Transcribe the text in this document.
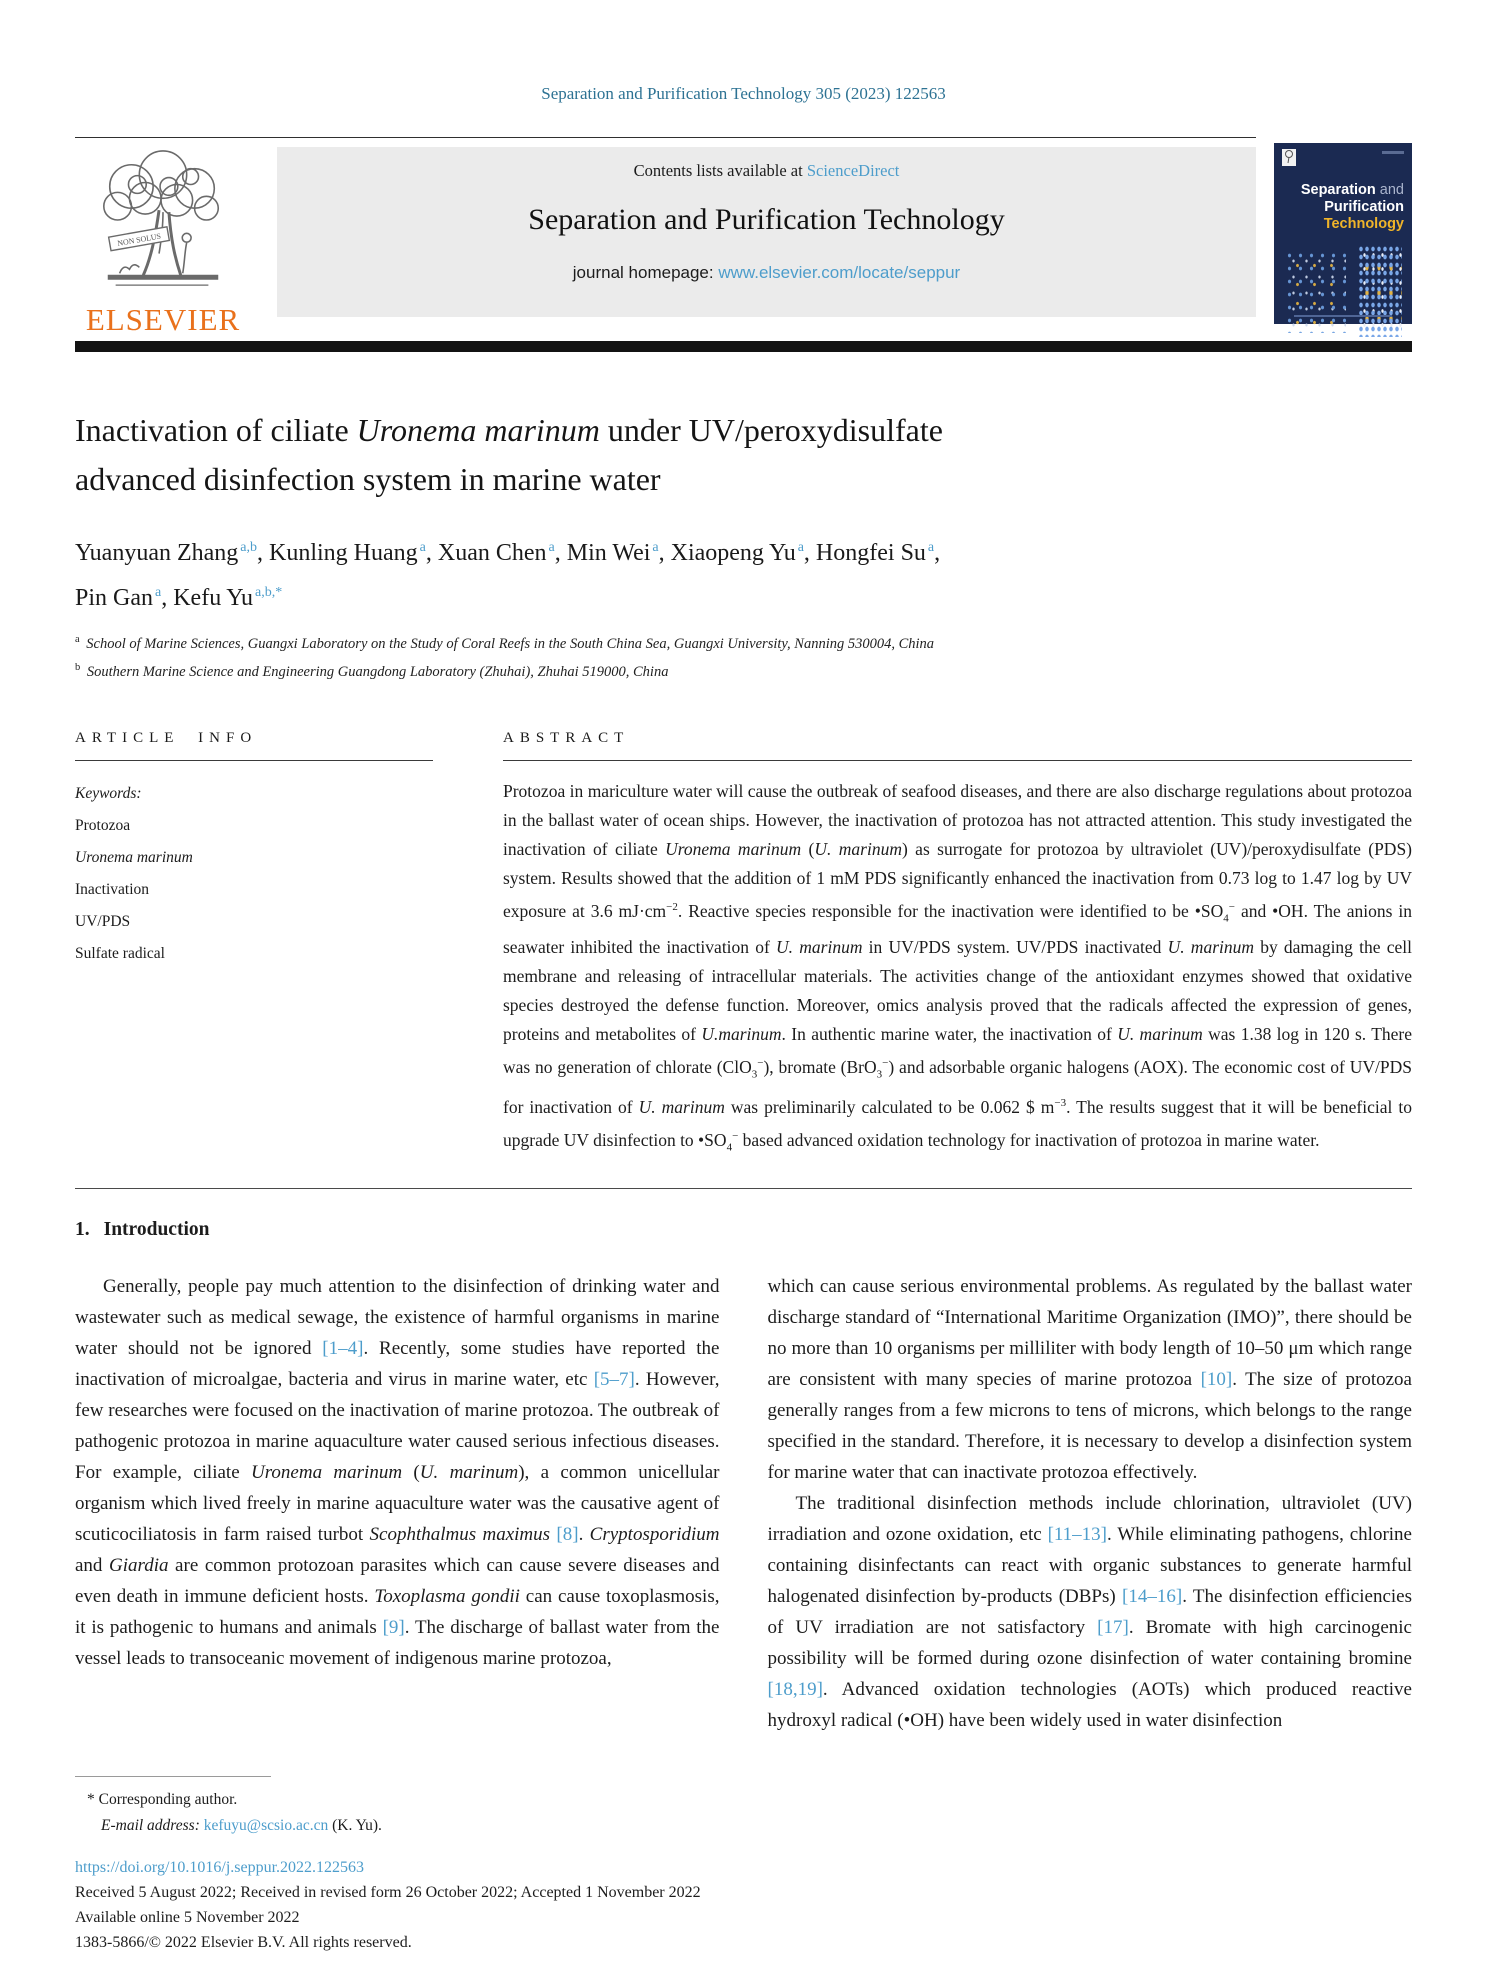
Separation and Purification Technology 305 (2023) 122563
NON SOLUS
ELSEVIER
Contents lists available at ScienceDirect
Separation and Purification Technology
journal homepage: www.elsevier.com/locate/seppur
Separation and
Purification
Technology
Inactivation of ciliate Uronema marinum under UV/peroxydisulfate
advanced disinfection system in marine water
Yuanyuan Zhang $^{a,b}$, Kunling Huang $^a$, Xuan Chen $^a$, Min Wei $^a$, Xiaopeng Yu $^a$, Hongfei Su $^a$,
Pin Gan $^a$, Kefu Yu $^{a,b,*}$
$^a$ School of Marine Sciences, Guangxi Laboratory on the Study of Coral Reefs in the South China Sea, Guangxi University, Nanning 530004, China
$^b$ Southern Marine Science and Engineering Guangdong Laboratory (Zhuhai), Zhuhai 519000, China
ARTICLE INFO
Keywords:
Protozoa
Uronema marinum
Inactivation
UV/PDS
Sulfate radical
ABSTRACT

Protozoa in mariculture water will cause the outbreak of seafood diseases, and there are also discharge regulations about protozoa in the ballast water of ocean ships. However, the inactivation of protozoa has not attracted attention. This study investigated the inactivation of ciliate Uronema marinum (U. marinum) as surrogate for protozoa by ultraviolet (UV)/peroxydisulfate (PDS) system. Results showed that the addition of 1 mM PDS significantly enhanced the inactivation from 0.73 log to 1.47 log by UV exposure at 3.6 $mJ\cdot cm^{-2}$. Reactive species responsible for the inactivation were identified to be $•SO_4^-$ and •OH. The anions in seawater inhibited the inactivation of U. marinum in UV/PDS system. UV/PDS inactivated U. marinum by damaging the cell membrane and releasing of intracellular materials. The activities change of the antioxidant enzymes showed that oxidative species destroyed the defense function. Moreover, omics analysis proved that the radicals affected the expression of genes, proteins and metabolites of U.marinum. In authentic marine water, the inactivation of U. marinum was 1.38 log in 120 s. There was no generation of chlorate (ClO$_3$−), bromate (BrO$_3$−) and adsorbable organic halogens (AOX). The economic cost of UV/PDS for inactivation of U. marinum was preliminarily calculated to be 0.062 $ $m^{-3}$. The results suggest that it will be beneficial to upgrade UV disinfection to $•SO_4^-$ based advanced oxidation technology for inactivation of protozoa in marine water.

1. Introduction

Generally, people pay much attention to the disinfection of drinking water and wastewater such as medical sewage, the existence of harmful organisms in marine water should not be ignored [1–4]. Recently, some studies have reported the inactivation of microalgae, bacteria and virus in marine water, etc [5–7]. However, few researches were focused on the inactivation of marine protozoa. The outbreak of pathogenic protozoa in marine aquaculture water caused serious infectious diseases. For example, ciliate Uronema marinum (U. marinum), a common unicellular organism which lived freely in marine aquaculture water was the causative agent of scuticociliatosis in farm raised turbot Scophthalmus maximus [8]. Cryptosporidium and Giardia are common protozoan parasites which can cause severe diseases and even death in immune deficient hosts. Toxoplasma gondii can cause toxoplasmosis, it is pathogenic to humans and animals [9]. The discharge of ballast water from the vessel leads to transoceanic movement of indigenous marine protozoa,

which can cause serious environmental problems. As regulated by the ballast water discharge standard of “International Maritime Organization (IMO)”, there should be no more than 10 organisms per milliliter with body length of 10–50 μm which range are consistent with many species of marine protozoa [10]. The size of protozoa generally ranges from a few microns to tens of microns, which belongs to the range specified in the standard. Therefore, it is necessary to develop a disinfection system for marine water that can inactivate protozoa effectively.

The traditional disinfection methods include chlorination, ultraviolet (UV) irradiation and ozone oxidation, etc [11–13]. While eliminating pathogens, chlorine containing disinfectants can react with organic substances to generate harmful halogenated disinfection by-products (DBPs) [14–16]. The disinfection efficiencies of UV irradiation are not satisfactory [17]. Bromate with high carcinogenic possibility will be formed during ozone disinfection of water containing bromine [18,19]. Advanced oxidation technologies (AOTs) which produced reactive hydroxyl radical (•OH) have been widely used in water disinfection

* Corresponding author.
E-mail address: kefuyu@scsio.ac.cn (K. Yu).
https://doi.org/10.1016/j.seppur.2022.122563
Received 5 August 2022; Received in revised form 26 October 2022; Accepted 1 November 2022
Available online 5 November 2022
1383-5866/© 2022 Elsevier B.V. All rights reserved.
